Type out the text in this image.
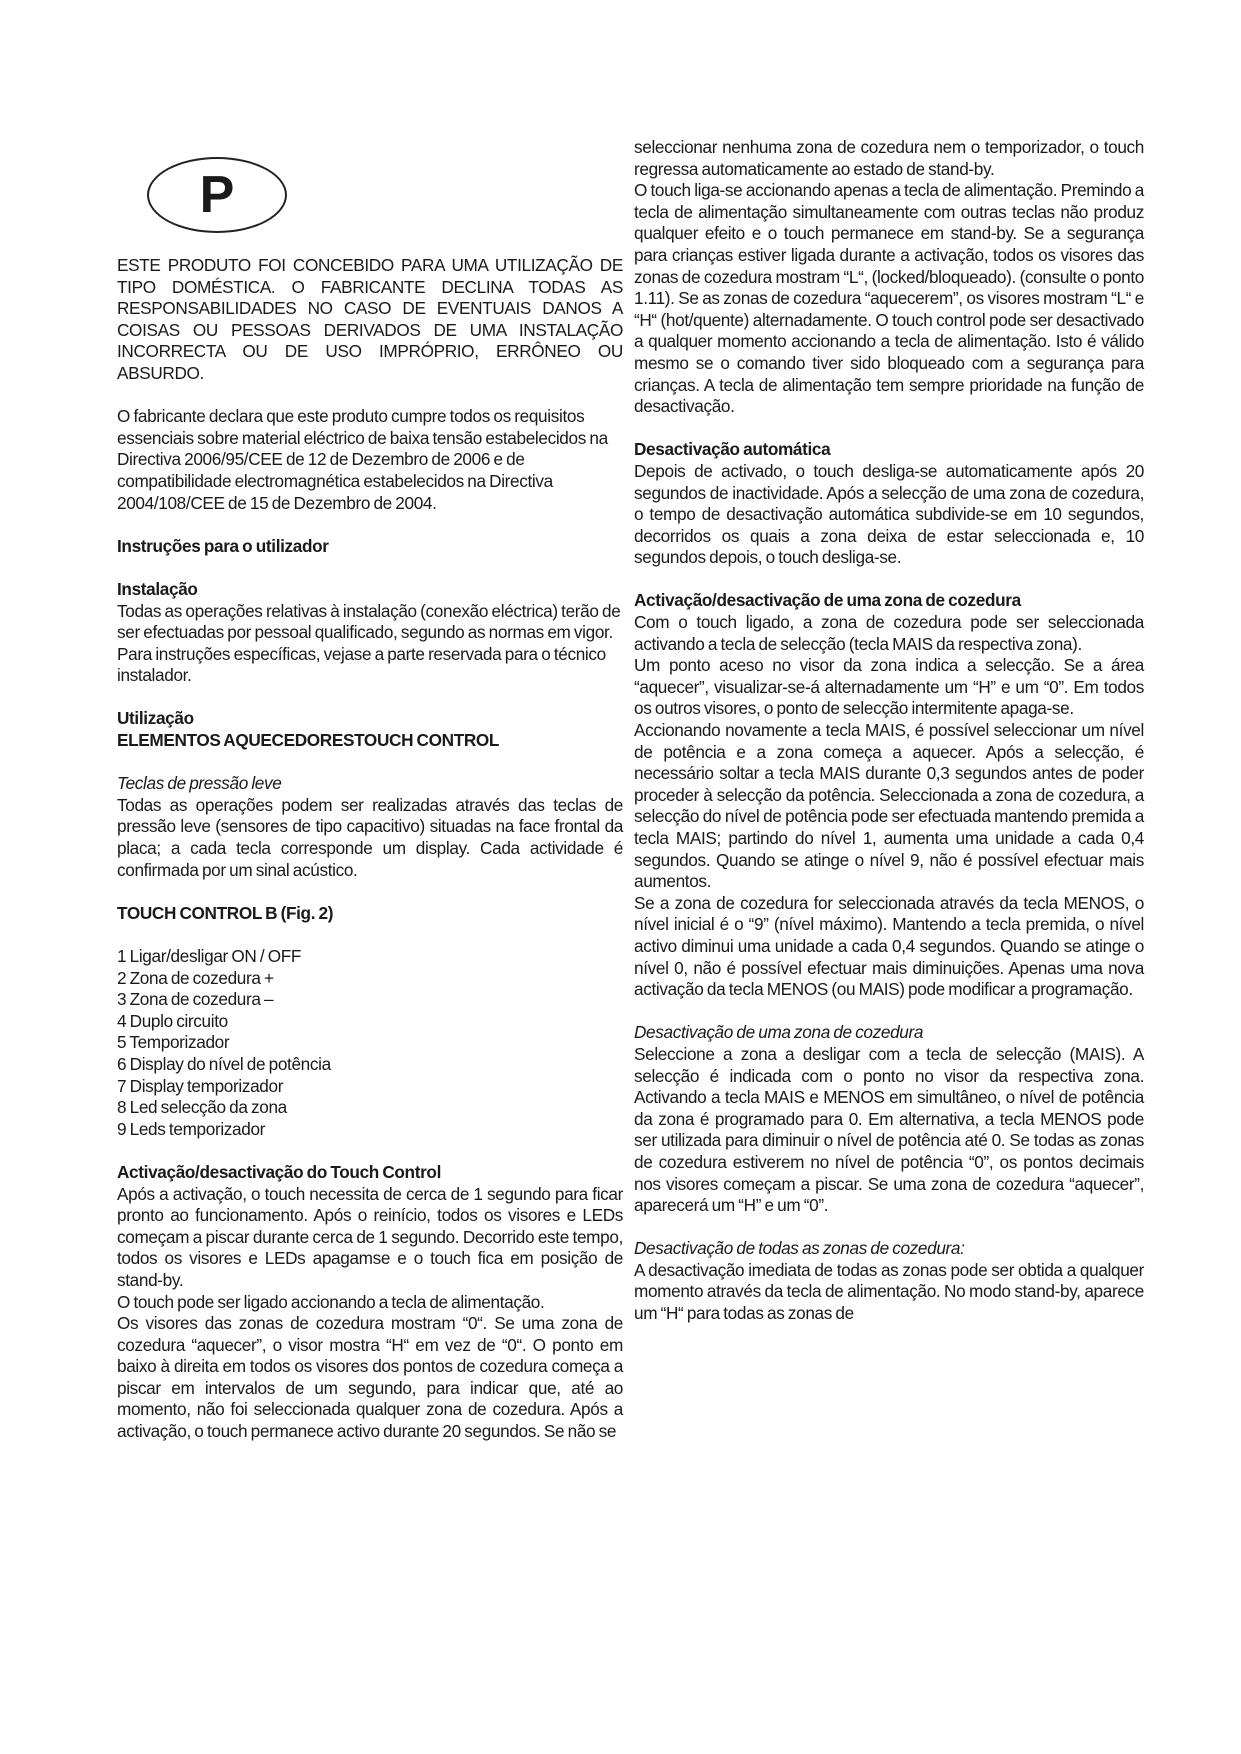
P

ESTE PRODUTO FOI CONCEBIDO PARA UMA UTILIZAÇÃO DE TIPO DOMÉSTICA. O FABRICANTE DECLINA TODAS AS RESPONSABILIDADES NO CASO DE EVENTUAIS DANOS A COISAS OU PESSOAS DERIVADOS DE UMA INSTALAÇÃO INCORRECTA OU DE USO IMPRÓPRIO, ERRÔNEO OU ABSURDO.

O fabricante declara que este produto cumpre todos os requisitos essenciais sobre material eléctrico de baixa tensão estabelecidos na Directiva 2006/95/CEE de 12 de Dezembro de 2006 e de compatibilidade electromagnética estabelecidos na Directiva 2004/108/CEE de 15 de Dezembro de 2004.

Instruções para o utilizador

Instalação

Todas as operações relativas à instalação (conexão eléctrica) terão de ser efectuadas por pessoal qualificado, segundo as normas em vigor.

Para instruções específicas, vejase a parte reservada para o técnico instalador.

Utilização

ELEMENTOS AQUECEDORESTOUCH CONTROL

Teclas de pressão leve

Todas as operações podem ser realizadas através das teclas de pressão leve (sensores de tipo capacitivo) situadas na face frontal da placa; a cada tecla corresponde um display. Cada actividade é confirmada por um sinal acústico.

TOUCH CONTROL B (Fig. 2)

1 Ligar/desligar ON / OFF
2 Zona de cozedura +
3 Zona de cozedura –
4 Duplo circuito
5 Temporizador
6 Display do nível de potência
7 Display temporizador
8 Led selecção da zona
9 Leds temporizador

Activação/desactivação do Touch Control

Após a activação, o touch necessita de cerca de 1 segundo para ficar pronto ao funcionamento. Após o reinício, todos os visores e LEDs começam a piscar durante cerca de 1 segundo. Decorrido este tempo, todos os visores e LEDs apagamse e o touch fica em posição de stand-by.

O touch pode ser ligado accionando a tecla de alimentação.

Os visores das zonas de cozedura mostram “0“. Se uma zona de cozedura “aquecer”, o visor mostra “H“ em vez de “0“. O ponto em baixo à direita em todos os visores dos pontos de cozedura começa a piscar em intervalos de um segundo, para indicar que, até ao momento, não foi seleccionada qualquer zona de cozedura. Após a activação, o touch permanece activo durante 20 segundos. Se não se

seleccionar nenhuma zona de cozedura nem o temporizador, o touch regressa automaticamente ao estado de stand-by.

O touch liga-se accionando apenas a tecla de alimentação. Premindo a tecla de alimentação simultaneamente com outras teclas não produz qualquer efeito e o touch permanece em stand-by. Se a segurança para crianças estiver ligada durante a activação, todos os visores das zonas de cozedura mostram “L“, (locked/bloqueado). (consulte o ponto 1.11). Se as zonas de cozedura “aquecerem”, os visores mostram “L“ e “H“ (hot/quente) alternadamente. O touch control pode ser desactivado a qualquer momento accionando a tecla de alimentação. Isto é válido mesmo se o comando tiver sido bloqueado com a segurança para crianças. A tecla de alimentação tem sempre prioridade na função de desactivação.

Desactivação automática

Depois de activado, o touch desliga-se automaticamente após 20 segundos de inactividade. Após a selecção de uma zona de cozedura, o tempo de desactivação automática subdivide-se em 10 segundos, decorridos os quais a zona deixa de estar seleccionada e, 10 segundos depois, o touch desliga-se.

Activação/desactivação de uma zona de cozedura

Com o touch ligado, a zona de cozedura pode ser seleccionada activando a tecla de selecção (tecla MAIS da respectiva zona).

Um ponto aceso no visor da zona indica a selecção. Se a área “aquecer”, visualizar-se-á alternadamente um “H” e um “0”. Em todos os outros visores, o ponto de selecção intermitente apaga-se.

Accionando novamente a tecla MAIS, é possível seleccionar um nível de potência e a zona começa a aquecer. Após a selecção, é necessário soltar a tecla MAIS durante 0,3 segundos antes de poder proceder à selecção da potência. Seleccionada a zona de cozedura, a selecção do nível de potência pode ser efectuada mantendo premida a tecla MAIS; partindo do nível 1, aumenta uma unidade a cada 0,4 segundos. Quando se atinge o nível 9, não é possível efectuar mais aumentos.

Se a zona de cozedura for seleccionada através da tecla MENOS, o nível inicial é o “9” (nível máximo). Mantendo a tecla premida, o nível activo diminui uma unidade a cada 0,4 segundos. Quando se atinge o nível 0, não é possível efectuar mais diminuições. Apenas uma nova activação da tecla MENOS (ou MAIS) pode modificar a programação.

Desactivação de uma zona de cozedura

Seleccione a zona a desligar com a tecla de selecção (MAIS). A selecção é indicada com o ponto no visor da respectiva zona. Activando a tecla MAIS e MENOS em simultâneo, o nível de potência da zona é programado para 0. Em alternativa, a tecla MENOS pode ser utilizada para diminuir o nível de potência até 0. Se todas as zonas de cozedura estiverem no nível de potência “0”, os pontos decimais nos visores começam a piscar. Se uma zona de cozedura “aquecer”, aparecerá um “H” e um “0”.

Desactivação de todas as zonas de cozedura:

A desactivação imediata de todas as zonas pode ser obtida a qualquer momento através da tecla de alimentação. No modo stand-by, aparece um “H“ para todas as zonas de
